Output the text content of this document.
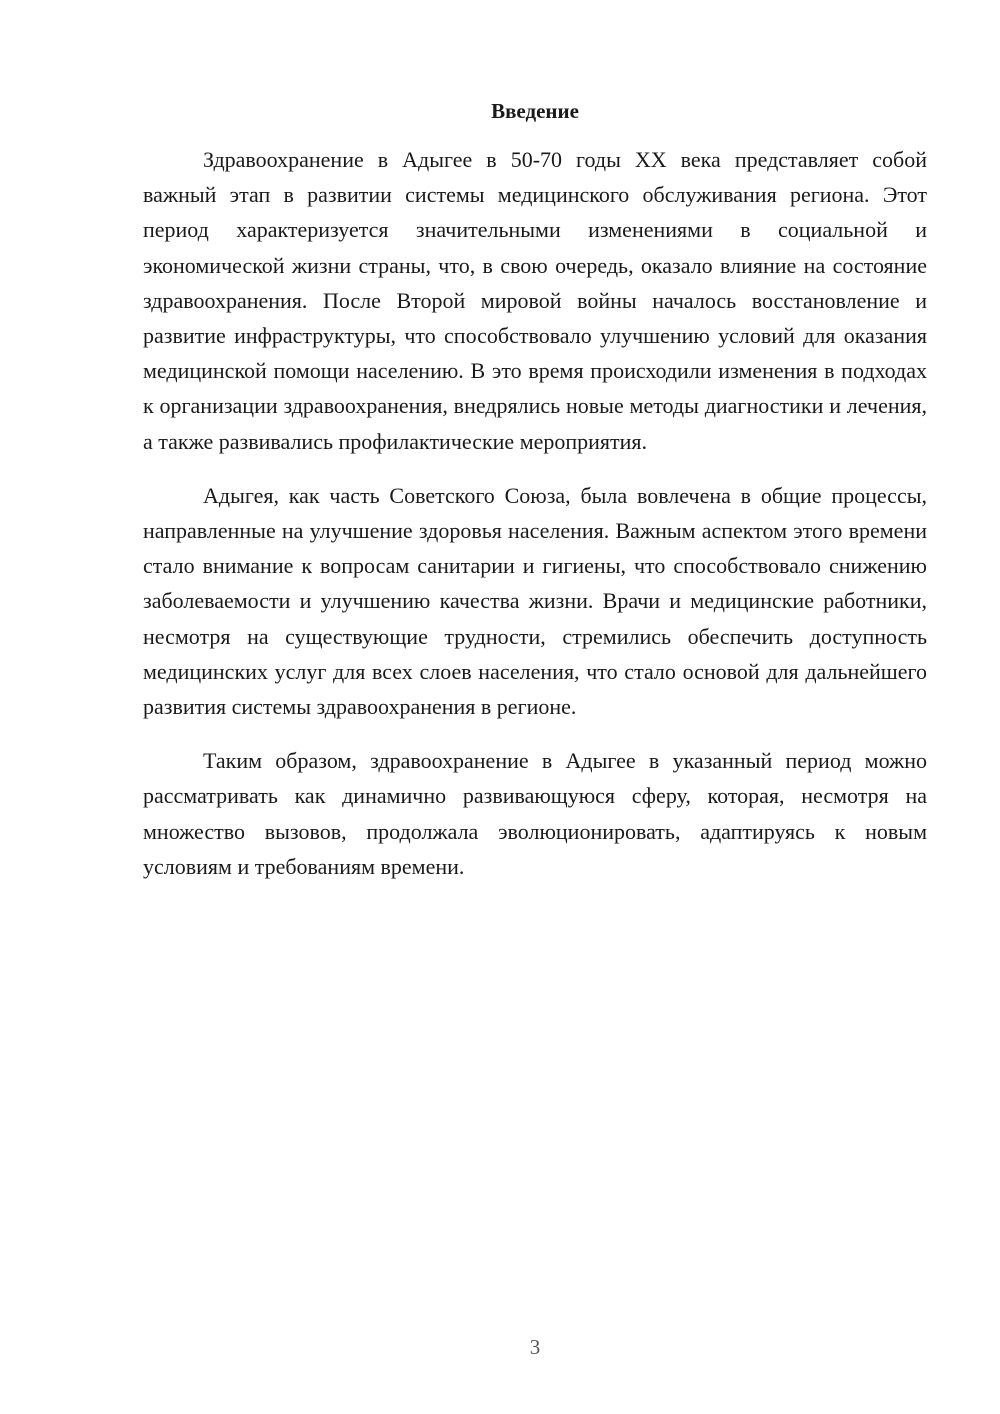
Введение

Здравоохранение в Адыгее в 50-70 годы XX века представляет собой важный этап в развитии системы медицинского обслуживания региона. Этот период характеризуется значительными изменениями в социальной и экономической жизни страны, что, в свою очередь, оказало влияние на состояние здравоохранения. После Второй мировой войны началось восстановление и развитие инфраструктуры, что способствовало улучшению условий для оказания медицинской помощи населению. В это время происходили изменения в подходах к организации здравоохранения, внедрялись новые методы диагностики и лечения, а также развивались профилактические мероприятия.

Адыгея, как часть Советского Союза, была вовлечена в общие процессы, направленные на улучшение здоровья населения. Важным аспектом этого времени стало внимание к вопросам санитарии и гигиены, что способствовало снижению заболеваемости и улучшению качества жизни. Врачи и медицинские работники, несмотря на существующие трудности, стремились обеспечить доступность медицинских услуг для всех слоев населения, что стало основой для дальнейшего развития системы здравоохранения в регионе.

Таким образом, здравоохранение в Адыгее в указанный период можно рассматривать как динамично развивающуюся сферу, которая, несмотря на множество вызовов, продолжала эволюционировать, адаптируясь к новым условиям и требованиям времени.

3
